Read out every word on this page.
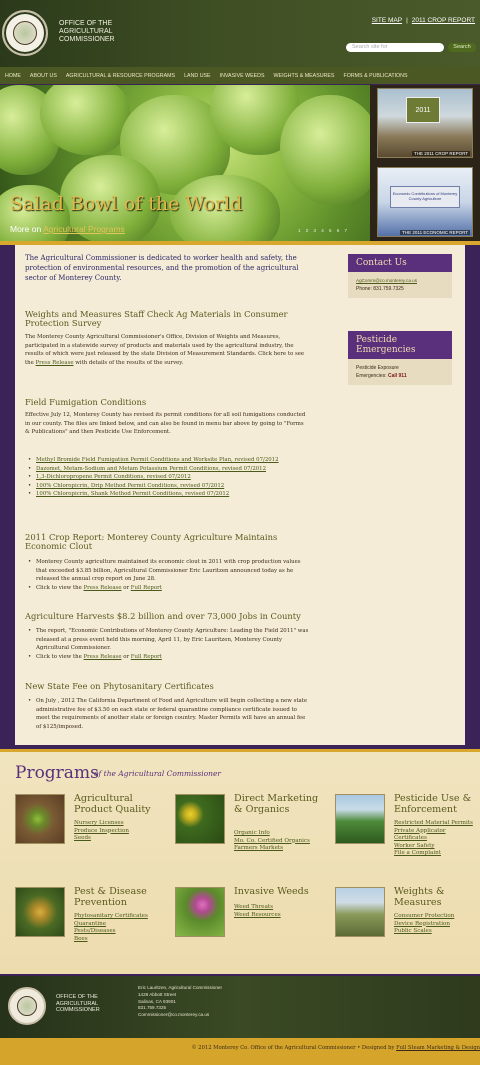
OFFICE OF THE AGRICULTURAL COMMISSIONER
SITE MAP | 2011 CROP REPORT
Search site for	Search
HOME ABOUT US AGRICULTURAL & RESOURCE PROGRAMS LAND USE INVASIVE WEEDS WEIGHTS & MEASURES FORMS & PUBLICATIONS
Salad Bowl of the World
More on Agricultural Programs	1 2 3 4 5 6 7
2011
THE 2011 CROP REPORT
Economic Contributions of Monterey County Agriculture
THE 2011 ECONOMIC REPORT
The Agricultural Commissioner is dedicated to worker health and safety, the protection of environmental resources, and the promotion of the agricultural sector of Monterey County.
Weights and Measures Staff Check Ag Materials in Consumer Protection Survey
The Monterey County Agricultural Commissioner's Office, Division of Weights and Measures, participated in a statewide survey of products and materials used by the agricultural industry, the results of which were just released by the state Division of Measurement Standards. Click here to see the Press Release with details of the results of the survey.
Field Fumigation Conditions
Effective July 12, Monterey County has revised its permit conditions for all soil fumigations conducted in our county. The files are linked below, and can also be found in menu bar above by going to "Forms & Publications" and then Pesticide Use Enforcement.
• Methyl Bromide Field Fumigation Permit Conditions and Worksite Plan, revised 07/2012
• Dazomet, Metam-Sodium and Metam Potassium Permit Conditions, revised 07/2012
• 1,3-Dichloropropene Permit Conditions, revised 07/2012
• 100% Chloropicrin, Drip Method Permit Conditions, revised 07/2012
• 100% Chloropicrin, Shank Method Permit Conditions, revised 07/2012
2011 Crop Report: Monterey County Agriculture Maintains Economic Clout
• Monterey County agriculture maintained its economic clout in 2011 with crop production values that exceeded $3.85 billion, Agricultural Commissioner Eric Lauritzen announced today as he released the annual crop report on June 28.
• Click to view the Press Release or Full Report
Agriculture Harvests $8.2 billion and over 73,000 Jobs in County
• The report, "Economic Contributions of Monterey County Agriculture: Leading the Field 2011" was released at a press event held this morning, April 11, by Eric Lauritzen, Monterey County Agricultural Commissioner.
• Click to view the Press Release or Full Report
New State Fee on Phytosanitary Certificates
• On July , 2012 The California Department of Food and Agriculture will begin collecting a new state administrative fee of $3.50 on each state or federal quarantine compliance certificate issued to meet the requirements of another state or foreign country. Master Permits will have an annual fee of $125/imposed.
Contact Us
AgComm@co.monterey.ca.us
Phone: 831.759.7325
Pesticide Emergencies
Pesticide Exposure
Emergencies: Call 911
Programs
of the Agricultural Commissioner
Agricultural Product Quality
Nursery Licenses
Produce Inspection
Seeds
Direct Marketing & Organics
Organic Info
Mo. Co. Certified Organics
Farmers Markets
Pesticide Use & Enforcement
Restricted Material Permits
Private Applicator Certificates
Worker Safety
File a Complaint
Pest & Disease Prevention
Phytosanitary Certificates
Quarantine
Pests/Diseases
Bees
Invasive Weeds
Weed Threats
Weed Resources
Weights & Measures
Consumer Protection
Device Registration
Public Scales
OFFICE OF THE AGRICULTURAL COMMISSIONER
Eric Lauritzen, Agricultural Commissioner
1428 Abbott Street
Salinas, CA 93901
831.759.7325
Commissioner@co.monterey.ca.us
© 2012 Monterey Co. Office of the Agricultural Commissioner • Designed by Full Steam Marketing & Design
